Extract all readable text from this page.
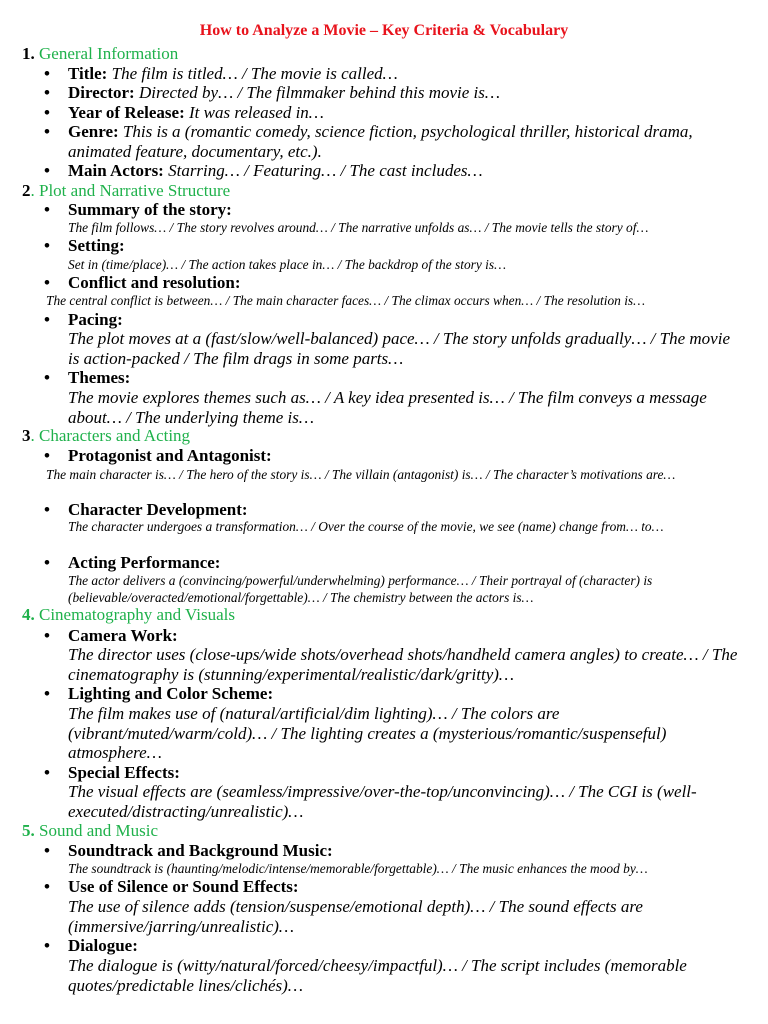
How to Analyze a Movie – Key Criteria & Vocabulary
1. General Information
• Title: The film is titled… / The movie is called…
• Director: Directed by… / The filmmaker behind this movie is…
• Year of Release: It was released in…
• Genre: This is a (romantic comedy, science fiction, psychological thriller, historical drama, animated feature, documentary, etc.).
• Main Actors: Starring… / Featuring… / The cast includes…
2. Plot and Narrative Structure
• Summary of the story:
The film follows… / The story revolves around… / The narrative unfolds as… / The movie tells the story of…
• Setting:
Set in (time/place)… / The action takes place in… / The backdrop of the story is…
• Conflict and resolution:
The central conflict is between… / The main character faces… / The climax occurs when… / The resolution is…
• Pacing:
The plot moves at a (fast/slow/well-balanced) pace… / The story unfolds gradually… / The movie is action-packed / The film drags in some parts…
• Themes:
The movie explores themes such as… / A key idea presented is… / The film conveys a message about… / The underlying theme is…
3. Characters and Acting
• Protagonist and Antagonist:
The main character is… / The hero of the story is… / The villain (antagonist) is… / The character’s motivations are…
• Character Development:
The character undergoes a transformation… / Over the course of the movie, we see (name) change from… to…
• Acting Performance:
The actor delivers a (convincing/powerful/underwhelming) performance… / Their portrayal of (character) is (believable/overacted/emotional/forgettable)… / The chemistry between the actors is…
4. Cinematography and Visuals
• Camera Work:
The director uses (close-ups/wide shots/overhead shots/handheld camera angles) to create… / The cinematography is (stunning/experimental/realistic/dark/gritty)…
• Lighting and Color Scheme:
The film makes use of (natural/artificial/dim lighting)… / The colors are (vibrant/muted/warm/cold)… / The lighting creates a (mysterious/romantic/suspenseful) atmosphere…
• Special Effects:
The visual effects are (seamless/impressive/over-the-top/unconvincing)… / The CGI is (well-executed/distracting/unrealistic)…
5. Sound and Music
• Soundtrack and Background Music:
The soundtrack is (haunting/melodic/intense/memorable/forgettable)… / The music enhances the mood by…
• Use of Silence or Sound Effects:
The use of silence adds (tension/suspense/emotional depth)… / The sound effects are (immersive/jarring/unrealistic)…
• Dialogue:
The dialogue is (witty/natural/forced/cheesy/impactful)… / The script includes (memorable quotes/predictable lines/clichés)…
